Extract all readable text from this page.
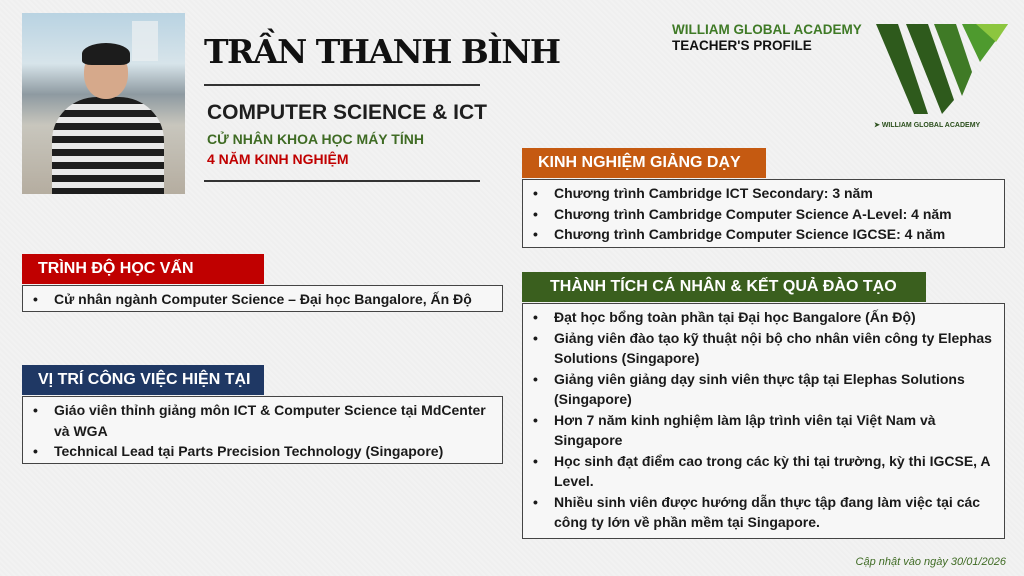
TRẦN THANH BÌNH
COMPUTER SCIENCE & ICT
CỬ NHÂN KHOA HỌC MÁY TÍNH
4 NĂM KINH NGHIỆM
WILLIAM GLOBAL ACADEMY
TEACHER'S PROFILE
➤ WILLIAM GLOBAL ACADEMY
TRÌNH ĐỘ HỌC VẤN
• Cử nhân ngành Computer Science – Đại học Bangalore, Ấn Độ
VỊ TRÍ CÔNG VIỆC HIỆN TẠI
• Giáo viên thỉnh giảng môn ICT & Computer Science tại MdCenter và WGA
• Technical Lead tại Parts Precision Technology (Singapore)
KINH NGHIỆM GIẢNG DẠY
• Chương trình Cambridge ICT Secondary: 3 năm
• Chương trình Cambridge Computer Science A-Level: 4 năm
• Chương trình Cambridge Computer Science IGCSE: 4 năm
THÀNH TÍCH CÁ NHÂN & KẾT QUẢ ĐÀO TẠO
• Đạt học bổng toàn phần tại Đại học Bangalore (Ấn Độ)
• Giảng viên đào tạo kỹ thuật nội bộ cho nhân viên công ty Elephas Solutions (Singapore)
• Giảng viên giảng dạy sinh viên thực tập tại Elephas Solutions (Singapore)
• Hơn 7 năm kinh nghiệm làm lập trình viên tại Việt Nam và Singapore
• Học sinh đạt điểm cao trong các kỳ thi tại trường, kỳ thi IGCSE, A Level.
• Nhiều sinh viên được hướng dẫn thực tập đang làm việc tại các công ty lớn về phần mềm tại Singapore.
Cập nhật vào ngày 30/01/2026
